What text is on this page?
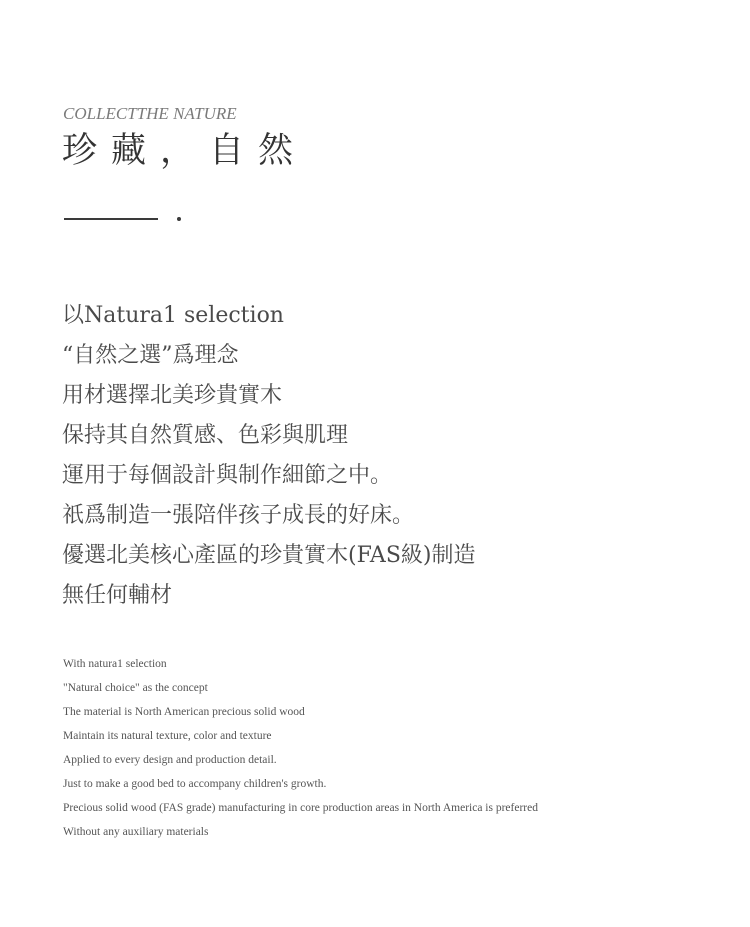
COLLECTTHE NATURE
珍藏，自然
以Natura1 selection
“自然之選”爲理念
用材選擇北美珍貴實木
保持其自然質感、色彩與肌理
運用于每個設計與制作細節之中。
祇爲制造一張陪伴孩子成長的好床。
優選北美核心產區的珍貴實木(FAS級)制造
無任何輔材
With natura1 selection
"Natural choice" as the concept
The material is North American precious solid wood
Maintain its natural texture, color and texture
Applied to every design and production detail.
Just to make a good bed to accompany children's growth.
Precious solid wood (FAS grade) manufacturing in core production areas in North America is preferred
Without any auxiliary materials
